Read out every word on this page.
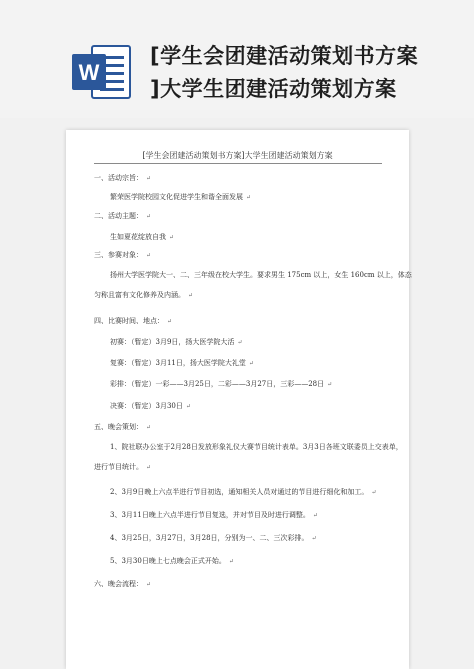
W
[学生会团建活动策划书方案
]大学生团建活动策划方案
[学生会团建活动策划书方案]大学生团建活动策划方案
一、活动宗旨： ↵
繁荣医学院校园文化促进学生和谐全面发展 ↵
二、活动主题： ↵
生如夏花绽放自我 ↵
三、参赛对象： ↵
扬州大学医学院大一、二、三年级在校大学生。要求男生 175cm 以上，女生 160cm 以上，体态
匀称且富有文化修养及内涵。 ↵
四、比赛时间、地点： ↵
初赛：（暂定）3月9日，扬大医学院大活 ↵
复赛：（暂定）3月11日，扬大医学院大礼堂 ↵
彩排：（暂定）一彩——3月25日，二彩——3月27日，三彩——28日 ↵
决赛：（暂定）3月30日 ↵
五、晚会策划： ↵
1、院社联办公室于2月28日发放形象礼仪大赛节目统计表单。3月3日各班文联委员上交表单，
进行节目统计。 ↵
2、3月9日晚上六点半进行节目初选，通知相关人员对通过的节目进行细化和加工。 ↵
3、3月11日晚上六点半进行节目复选，并对节目及时进行调整。 ↵
4、3月25日，3月27日，3月28日，分别为一、二、三次彩排。 ↵
5、3月30日晚上七点晚会正式开始。 ↵
六、晚会流程： ↵
